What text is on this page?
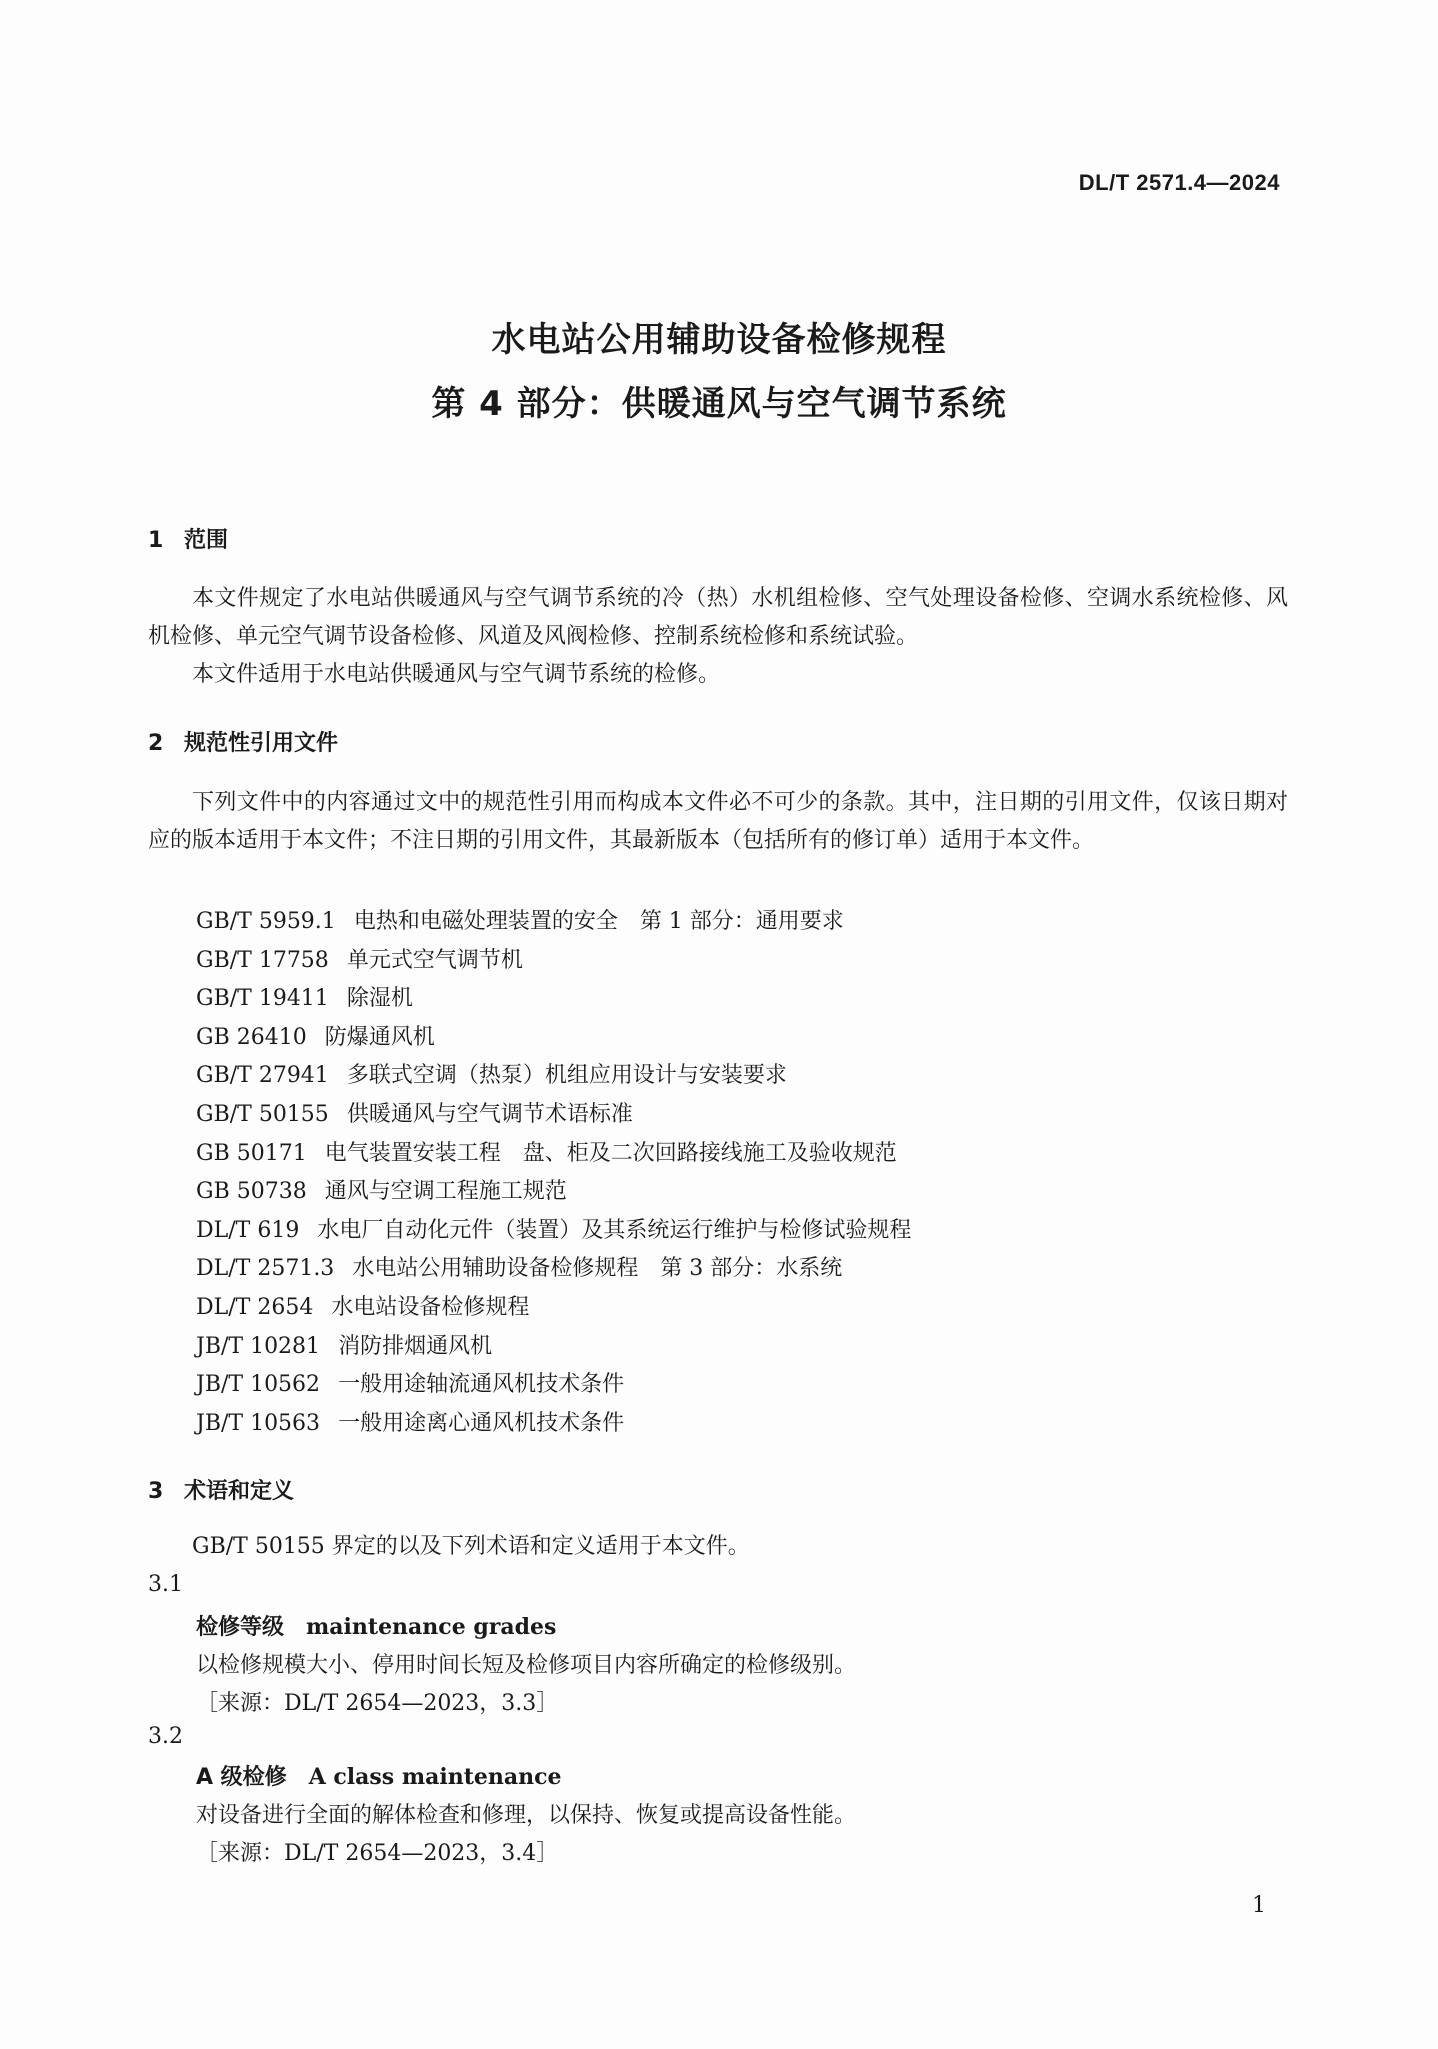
DL/T 2571.4—2024
水电站公用辅助设备检修规程
第 4 部分：供暖通风与空气调节系统
1 范围
本文件规定了水电站供暖通风与空气调节系统的冷（热）水机组检修、空气处理设备检修、空调水系统检修、风机检修、单元空气调节设备检修、风道及风阀检修、控制系统检修和系统试验。
本文件适用于水电站供暖通风与空气调节系统的检修。
2 规范性引用文件
下列文件中的内容通过文中的规范性引用而构成本文件必不可少的条款。其中，注日期的引用文件，仅该日期对应的版本适用于本文件；不注日期的引用文件，其最新版本（包括所有的修订单）适用于本文件。
GB/T 5959.1 电热和电磁处理装置的安全　第 1 部分：通用要求
GB/T 17758 单元式空气调节机
GB/T 19411 除湿机
GB 26410 防爆通风机
GB/T 27941 多联式空调（热泵）机组应用设计与安装要求
GB/T 50155 供暖通风与空气调节术语标准
GB 50171 电气装置安装工程　盘、柜及二次回路接线施工及验收规范
GB 50738 通风与空调工程施工规范
DL/T 619 水电厂自动化元件（装置）及其系统运行维护与检修试验规程
DL/T 2571.3 水电站公用辅助设备检修规程　第 3 部分：水系统
DL/T 2654 水电站设备检修规程
JB/T 10281 消防排烟通风机
JB/T 10562 一般用途轴流通风机技术条件
JB/T 10563 一般用途离心通风机技术条件
3 术语和定义
GB/T 50155 界定的以及下列术语和定义适用于本文件。
3.1
检修等级 maintenance grades
以检修规模大小、停用时间长短及检修项目内容所确定的检修级别。
［来源：DL/T 2654—2023，3.3］
3.2
A 级检修 A class maintenance
对设备进行全面的解体检查和修理，以保持、恢复或提高设备性能。
［来源：DL/T 2654—2023，3.4］
1
